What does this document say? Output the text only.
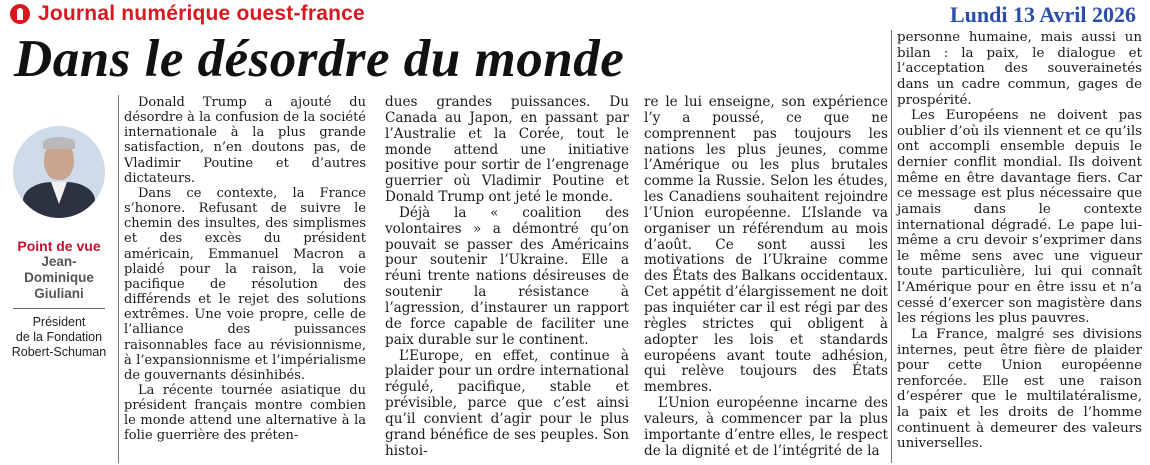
Journal numérique ouest-france	Lundi 13 Avril 2026
Dans le désordre du monde
Point de vue
Jean-
Dominique
Giuliani
Président
de la Fondation
Robert-Schuman

Donald Trump a ajouté du désordre à la confusion de la société internationale à la plus grande satisfaction, n’en doutons pas, de Vladimir Poutine et d’autres dictateurs.

Dans ce contexte, la France s’honore. Refusant de suivre le chemin des insultes, des simplismes et des excès du président américain, Emmanuel Macron a plaidé pour la raison, la voie pacifique de résolution des différends et le rejet des solutions extrêmes. Une voie propre, celle de l’alliance des puissances raisonnables face au révisionnisme, à l’expansionnisme et l’impérialisme de gouvernants désinhibés.

La récente tournée asiatique du président français montre combien le monde attend une alternative à la folie guerrière des préten-

dues grandes puissances. Du Canada au Japon, en passant par l’Australie et la Corée, tout le monde attend une initiative positive pour sortir de l’engrenage guerrier où Vladimir Poutine et Donald Trump ont jeté le monde.

Déjà la « coalition des volontaires » a démontré qu’on pouvait se passer des Américains pour soutenir l’Ukraine. Elle a réuni trente nations désireuses de soutenir la résistance à l’agression, d’instaurer un rapport de force capable de faciliter une paix durable sur le continent.

L’Europe, en effet, continue à plaider pour un ordre international régulé, pacifique, stable et prévisible, parce que c’est ainsi qu’il convient d’agir pour le plus grand bénéfice de ses peuples. Son histoi-

re le lui enseigne, son expérience l’y a poussé, ce que ne comprennent pas toujours les nations les plus jeunes, comme l’Amérique ou les plus brutales comme la Russie. Selon les études, les Canadiens souhaitent rejoindre l’Union européenne. L’Islande va organiser un référendum au mois d’août. Ce sont aussi les motivations de l’Ukraine comme des États des Balkans occidentaux. Cet appétit d’élargissement ne doit pas inquiéter car il est régi par des règles strictes qui obligent à adopter les lois et standards européens avant toute adhésion, qui relève toujours des États membres.

L’Union européenne incarne des valeurs, à commencer par la plus importante d’entre elles, le respect de la dignité et de l’intégrité de la

personne humaine, mais aussi un bilan : la paix, le dialogue et l’acceptation des souverainetés dans un cadre commun, gages de prospérité.

Les Européens ne doivent pas oublier d’où ils viennent et ce qu’ils ont accompli ensemble depuis le dernier conflit mondial. Ils doivent même en être davantage fiers. Car ce message est plus nécessaire que jamais dans le contexte international dégradé. Le pape lui-même a cru devoir s’exprimer dans le même sens avec une vigueur toute particulière, lui qui connaît l’Amérique pour en être issu et n’a cessé d’exercer son magistère dans les régions les plus pauvres.

La France, malgré ses divisions internes, peut être fière de plaider pour cette Union européenne renforcée. Elle est une raison d’espérer que le multilatéralisme, la paix et les droits de l’homme continuent à demeurer des valeurs universelles.
